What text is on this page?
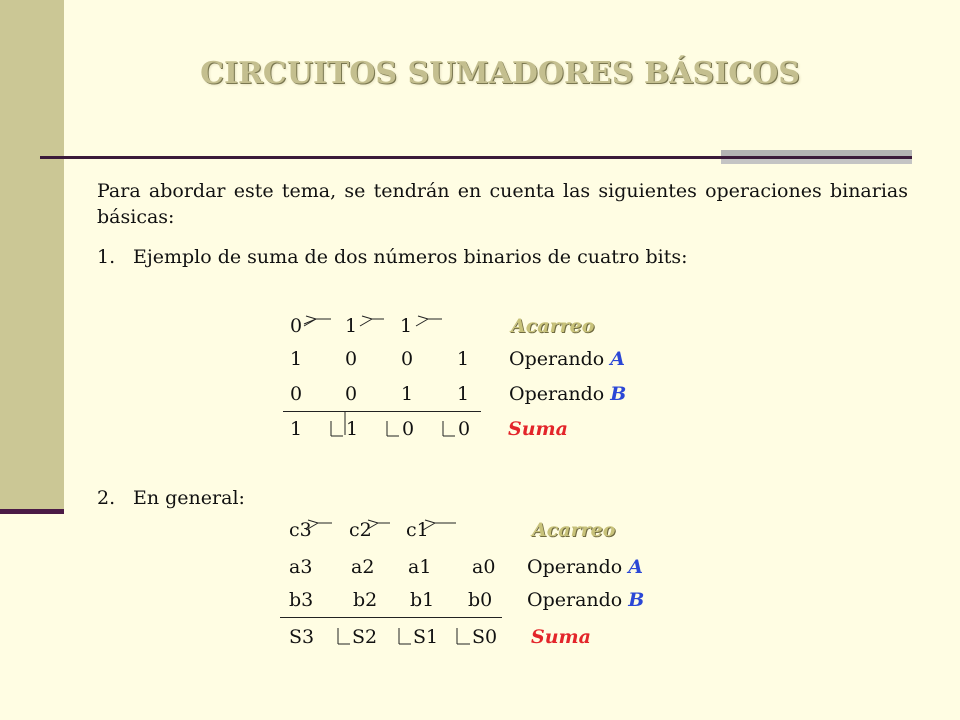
CIRCUITOS SUMADORES BÁSICOS

Para abordar este tema, se tendrán en cuenta las siguientes operaciones binarias básicas:

1. Ejemplo de suma de dos números binarios de cuatro bits:
0 1 1	Acarreo
1 0 0 1 Operando A
0 0 1 1 Operando B
1 1 0 0 Suma
2. En general:
c3 c2 c1	Acarreo
a3 a2 a1 a0 Operando A
b3 b2 b1 b0 Operando B
S3 S2 S1 S0 Suma
